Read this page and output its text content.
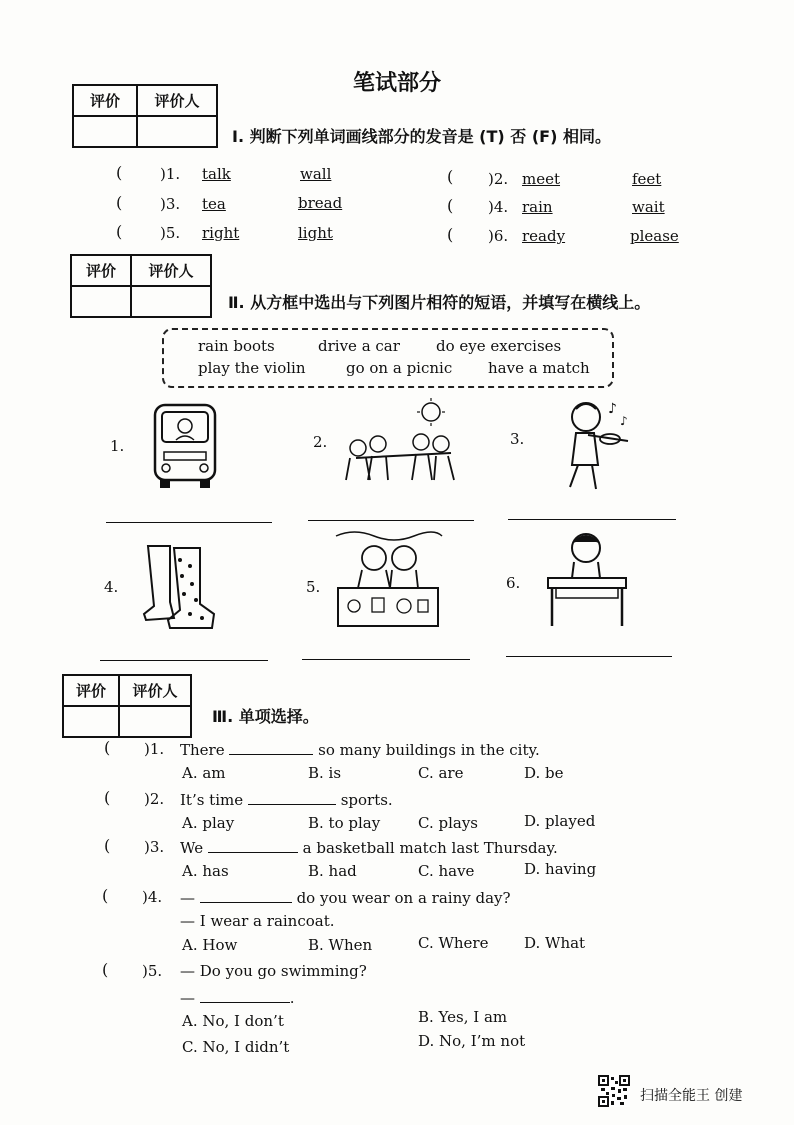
笔试部分
评价	评价人

Ⅰ. 判断下列单词画线部分的发音是 (T) 否 (F) 相同。
(	)1. talk	wall	( )2. meet	feet
(	)3. tea	bread	( )4. rain	wait
(	)5. right	light	( )6. ready	please
评价	评价人

Ⅱ. 从方框中选出与下列图片相符的短语，并填写在横线上。
rain boots	drive a car do eye exercises
play the violin	go on a picnic have a match
1.	2.	3.
4.	5.	6.
♪
♪
评价	评价人

Ⅲ. 单项选择。
( )1. There	so many buildings in the city.
A. am	B. is	C. are	D. be
( )2. It’s time	sports.
A. play	B. to play	C. plays	D. played
( )3. We	a basketball match last Thursday.
A. has	B. had	C. have	D. having
( )4. —	do you wear on a rainy day?
— I wear a raincoat.
A. How	B. When	C. Where D. What
( )5. — Do you go swimming?
—	.
A. No, I don’t	B. Yes, I am
C. No, I didn’t	D. No, I’m not
扫描全能王 创建
